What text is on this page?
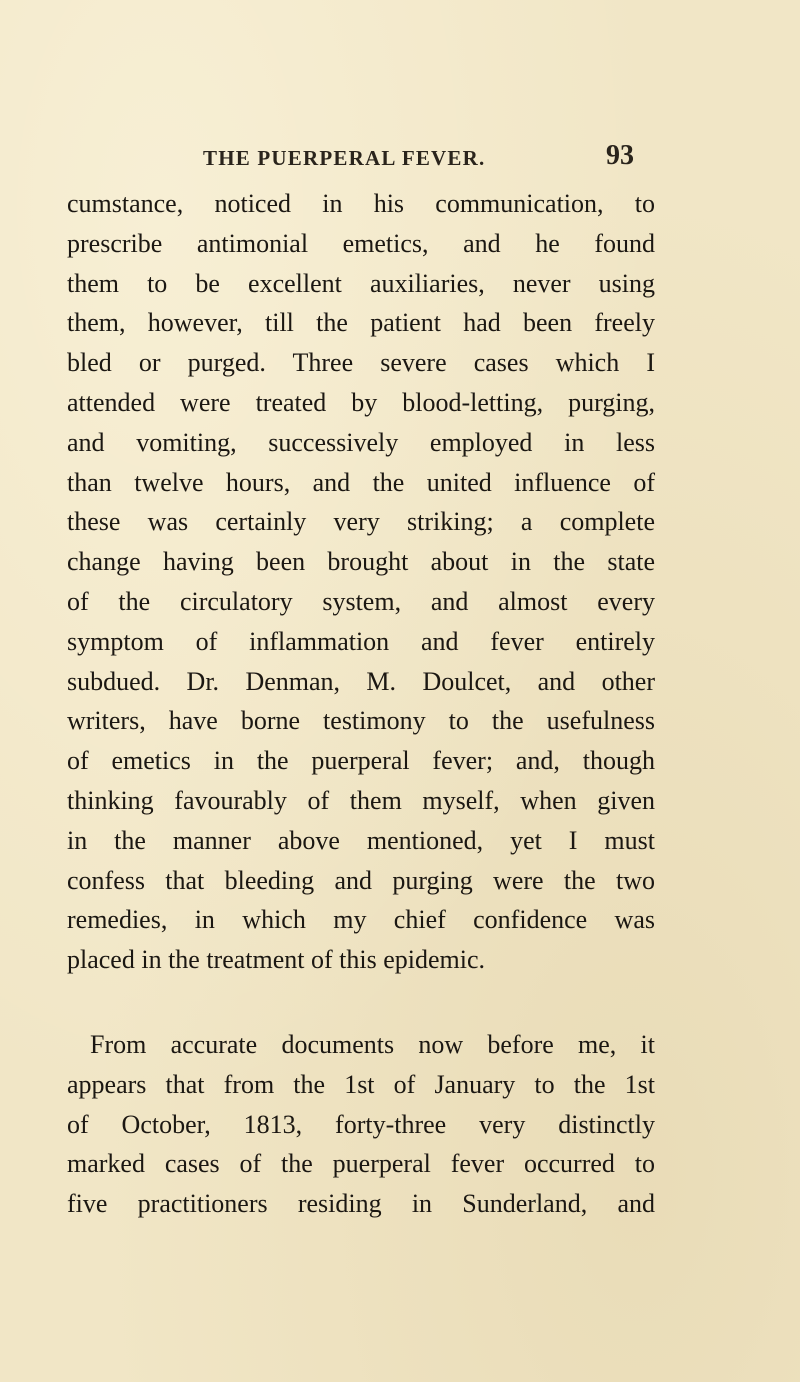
THE PUERPERAL FEVER.	93
cumstance, noticed in his communication, to
prescribe antimonial emetics, and he found
them to be excellent auxiliaries, never using
them, however, till the patient had been freely
bled or purged. Three severe cases which I
attended were treated by blood-letting, purging,
and vomiting, successively employed in less
than twelve hours, and the united influence of
these was certainly very striking; a complete
change having been brought about in the state
of the circulatory system, and almost every
symptom of inflammation and fever entirely
subdued. Dr. Denman, M. Doulcet, and other
writers, have borne testimony to the usefulness
of emetics in the puerperal fever; and, though
thinking favourably of them myself, when given
in the manner above mentioned, yet I must
confess that bleeding and purging were the two
remedies, in which my chief confidence was
placed in the treatment of this epidemic.
From accurate documents now before me, it
appears that from the 1st of January to the 1st
of October, 1813, forty-three very distinctly
marked cases of the puerperal fever occurred to
five practitioners residing in Sunderland, and
